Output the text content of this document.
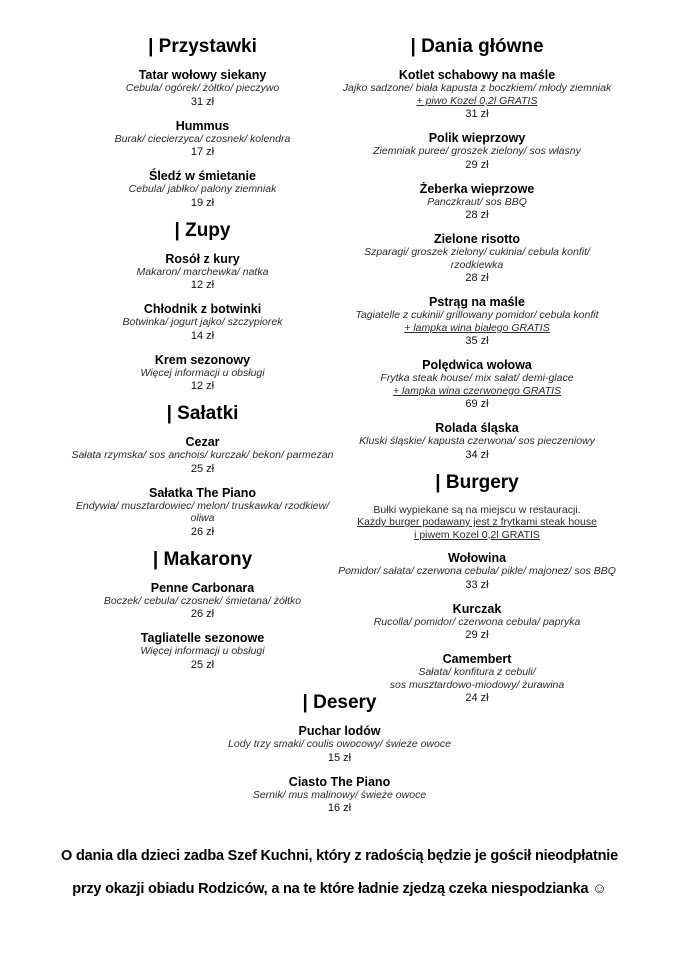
| Przystawki
Tatar wołowy siekany
Cebula/ ogórek/ żółtko/ pieczywo
31 zł
Hummus
Burak/ ciecierzyca/ czosnek/ kolendra
17 zł
Śledź w śmietanie
Cebula/ jabłko/ palony ziemniak
19 zł
| Zupy
Rosół z kury
Makaron/ marchewka/ natka
12 zł
Chłodnik z botwinki
Botwinka/ jogurt jajko/ szczypiorek
14 zł
Krem sezonowy
Więcej informacji u obsługi
12 zł
| Sałatki
Cezar
Sałata rzymska/ sos anchois/ kurczak/ bekon/ parmezan
25 zł
Sałatka The Piano
Endywia/ musztardowiec/ melon/ truskawka/ rzodkiew/
oliwa
26 zł
| Makarony
Penne Carbonara
Boczek/ cebula/ czosnek/ śmietana/ żółtko
26 zł
Tagliatelle sezonowe
Więcej informacji u obsługi
25 zł
| Dania główne
Kotlet schabowy na maśle
Jajko sadzone/ biała kapusta z boczkiem/ młody ziemniak
+ piwo Kozel 0,2l GRATIS
31 zł
Polik wieprzowy
Ziemniak puree/ groszek zielony/ sos własny
29 zł
Żeberka wieprzowe
Panczkraut/ sos BBQ
28 zł
Zielone risotto
Szparagi/ groszek zielony/ cukinia/ cebula konfit/
rzodkiewka
28 zł
Pstrąg na maśle
Tagiatelle z cukinii/ grillowany pomidor/ cebula konfit
+ lampka wina białego GRATIS
35 zł
Polędwica wołowa
Frytka steak house/ mix sałat/ demi-glace
+ lampka wina czerwonego GRATIS
69 zł
Rolada śląska
Kluski śląskie/ kapusta czerwona/ sos pieczeniowy
34 zł
| Burgery
Bułki wypiekane są na miejscu w restauracji.
Każdy burger podawany jest z frytkami steak house
i piwem Kozel 0,2l GRATIS
Wołowina
Pomidor/ sałata/ czerwona cebula/ pikle/ majonez/ sos BBQ
33 zł
Kurczak
Rucolla/ pomidor/ czerwona cebula/ papryka
29 zł
Camembert
Sałata/ konfitura z cebuli/
sos musztardowo-miodowy/ żurawina
24 zł
| Desery
Puchar lodów
Lody trzy smaki/ coulis owocowy/ świeże owoce
15 zł
Ciasto The Piano
Sernik/ mus malinowy/ świeże owoce
16 zł
O dania dla dzieci zadba Szef Kuchni, który z radością będzie je gościł nieodpłatnie
przy okazji obiadu Rodziców, a na te które ładnie zjedzą czeka niespodzianka ☺
